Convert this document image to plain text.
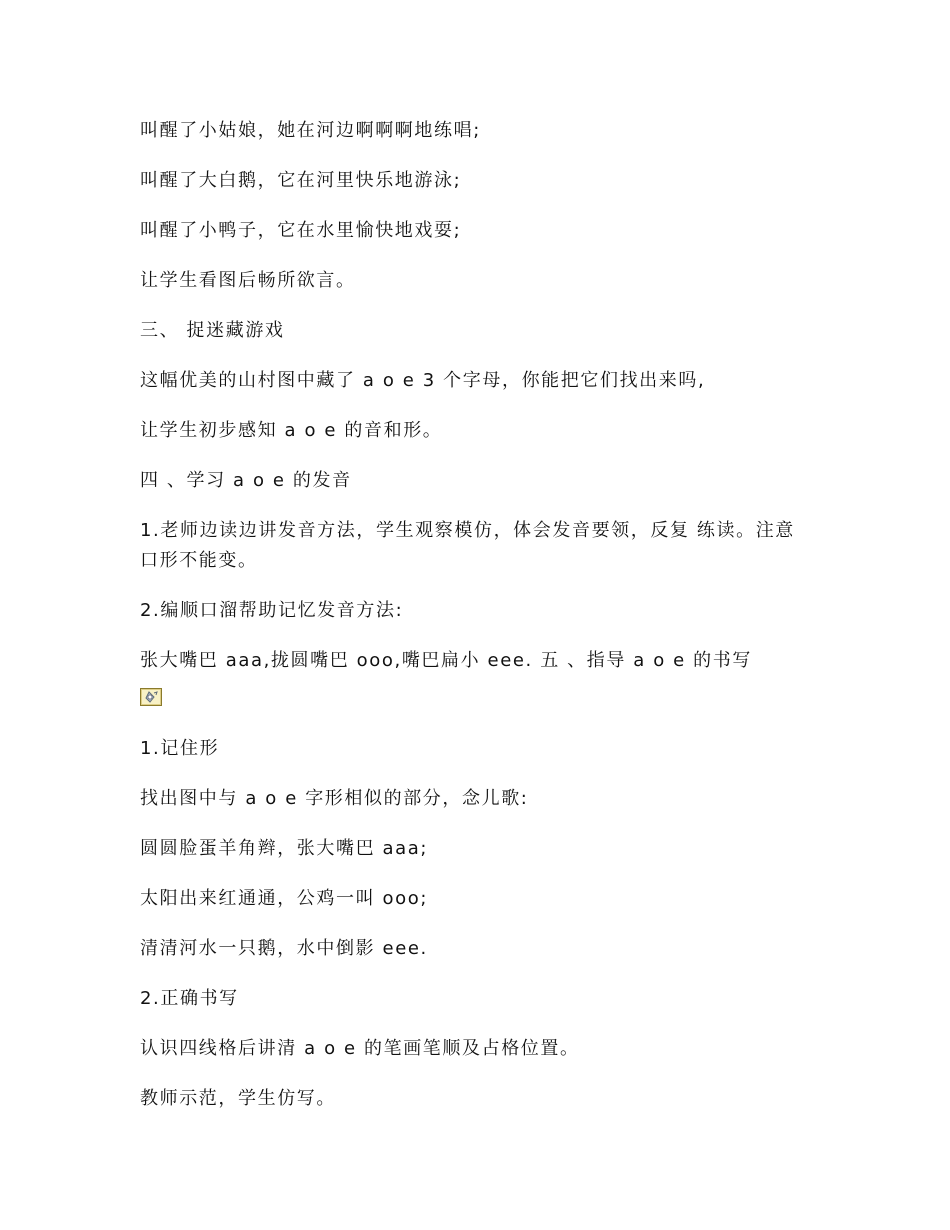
叫醒了小姑娘，她在河边啊啊啊地练唱;
叫醒了大白鹅，它在河里快乐地游泳;
叫醒了小鸭子，它在水里愉快地戏耍;
让学生看图后畅所欲言。
三、 捉迷藏游戏
这幅优美的山村图中藏了 a o e 3 个字母，你能把它们找出来吗,
让学生初步感知 a o e 的音和形。
四 、学习 a o e 的发音
1.老师边读边讲发音方法，学生观察模仿，体会发音要领，反复 练读。注意口形不能变。
2.编顺口溜帮助记忆发音方法:
张大嘴巴 aaa,拢圆嘴巴 ooo,嘴巴扁小 eee. 五 、指导 a o e 的书写
1.记住形
找出图中与 a o e 字形相似的部分，念儿歌:
圆圆脸蛋羊角辫，张大嘴巴 aaa;
太阳出来红通通，公鸡一叫 ooo;
清清河水一只鹅，水中倒影 eee.
2.正确书写
认识四线格后讲清 a o e 的笔画笔顺及占格位置。
教师示范，学生仿写。
